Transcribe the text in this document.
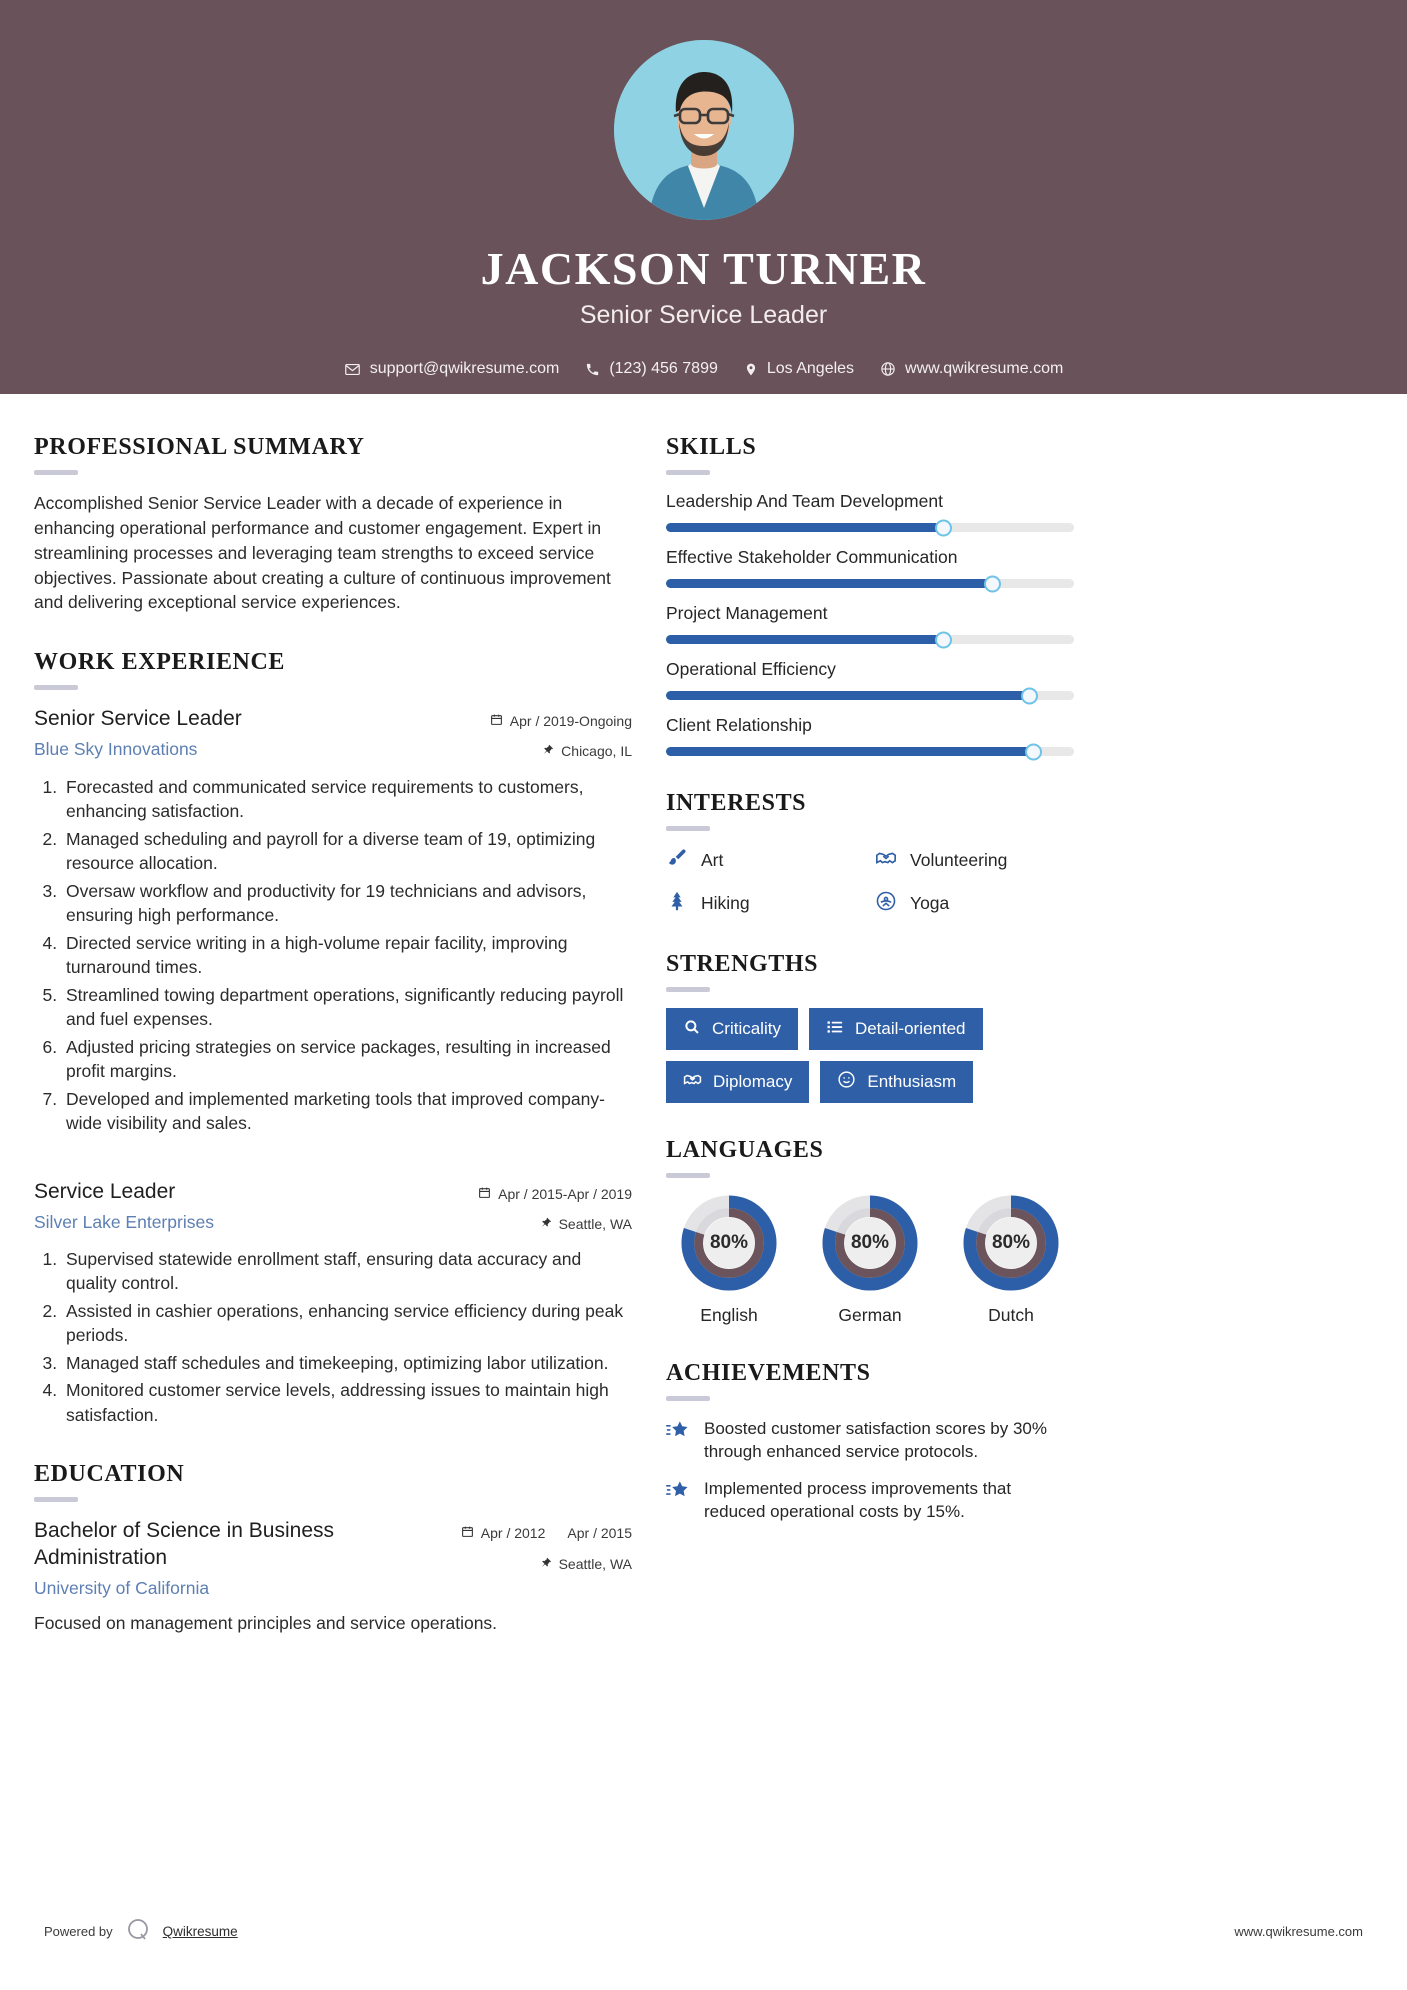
JACKSON TURNER
Senior Service Leader
support@qwikresume.com	(123) 456 7899	Los Angeles	www.qwikresume.com
PROFESSIONAL SUMMARY
Accomplished Senior Service Leader with a decade of experience in enhancing operational performance and customer engagement. Expert in streamlining processes and leveraging team strengths to exceed service objectives. Passionate about creating a culture of continuous improvement and delivering exceptional service experiences.
WORK EXPERIENCE
Senior Service Leader
Blue Sky Innovations
Apr / 2019-Ongoing
Chicago, IL
1. Forecasted and communicated service requirements to customers, enhancing satisfaction.
2. Managed scheduling and payroll for a diverse team of 19, optimizing resource allocation.
3. Oversaw workflow and productivity for 19 technicians and advisors, ensuring high performance.
4. Directed service writing in a high-volume repair facility, improving turnaround times.
5. Streamlined towing department operations, significantly reducing payroll and fuel expenses.
6. Adjusted pricing strategies on service packages, resulting in increased profit margins.
7. Developed and implemented marketing tools that improved company-wide visibility and sales.
Service Leader
Silver Lake Enterprises
Apr / 2015-Apr / 2019
Seattle, WA
1. Supervised statewide enrollment staff, ensuring data accuracy and quality control.
2. Assisted in cashier operations, enhancing service efficiency during peak periods.
3. Managed staff schedules and timekeeping, optimizing labor utilization.
4. Monitored customer service levels, addressing issues to maintain high satisfaction.
EDUCATION
Bachelor of Science in Business Administration
University of California
Apr / 2012 Apr / 2015
Seattle, WA
Focused on management principles and service operations.
SKILLS
Leadership And Team Development
Effective Stakeholder Communication
Project Management
Operational Efficiency
Client Relationship
INTERESTS
Art	Volunteering
Hiking	Yoga
STRENGTHS
Criticality	Detail-oriented
Diplomacy	Enthusiasm
LANGUAGES
80%
English
80%
German
80%
Dutch
ACHIEVEMENTS
Boosted customer satisfaction scores by 30% through enhanced service protocols.
Implemented process improvements that reduced operational costs by 15%.
Powered by	Qwikresume	www.qwikresume.com
